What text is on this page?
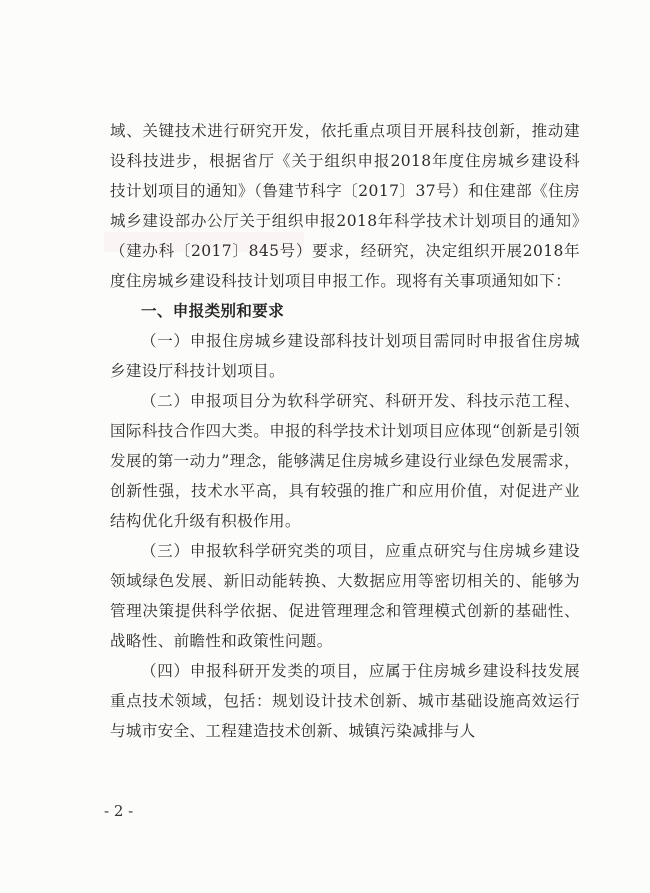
域、关键技术进行研究开发，依托重点项目开展科技创新，推动建设科技进步，根据省厅《关于组织申报2018年度住房城乡建设科技计划项目的通知》（鲁建节科字〔2017〕37号）和住建部《住房城乡建设部办公厅关于组织申报2018年科学技术计划项目的通知》（建办科〔2017〕845号）要求，经研究，决定组织开展2018年度住房城乡建设科技计划项目申报工作。现将有关事项通知如下：

一、申报类别和要求

（一）申报住房城乡建设部科技计划项目需同时申报省住房城乡建设厅科技计划项目。

（二）申报项目分为软科学研究、科研开发、科技示范工程、国际科技合作四大类。申报的科学技术计划项目应体现“创新是引领发展的第一动力”理念，能够满足住房城乡建设行业绿色发展需求，创新性强，技术水平高，具有较强的推广和应用价值，对促进产业结构优化升级有积极作用。

（三）申报软科学研究类的项目，应重点研究与住房城乡建设领域绿色发展、新旧动能转换、大数据应用等密切相关的、能够为管理决策提供科学依据、促进管理理念和管理模式创新的基础性、战略性、前瞻性和政策性问题。

（四）申报科研开发类的项目，应属于住房城乡建设科技发展重点技术领域，包括：规划设计技术创新、城市基础设施高效运行与城市安全、工程建造技术创新、城镇污染减排与人

- 2 -
